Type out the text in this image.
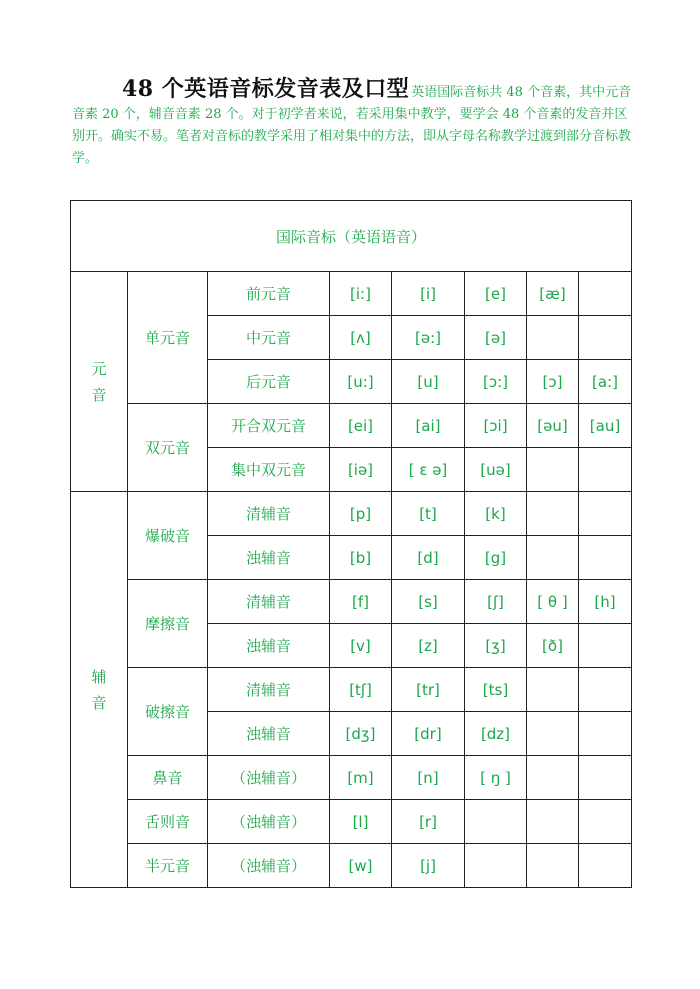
48 个英语音标发音表及口型 英语国际音标共 48 个音素，其中元音音素 20 个，辅音音素 28 个。对于初学者来说，若采用集中教学，要学会 48 个音素的发音并区别开。确实不易。笔者对音标的教学采用了相对集中的方法，即从字母名称教学过渡到部分音标教学。
国际音标（英语语音）							

元
音	单元音	前元音	[i:]	[i]	[e]	[æ]	
		中元音	[ʌ]	[ə:]	[ə]		
		后元音	[u:]	[u]	[ɔ:]	[ɔ]	[a:]
	双元音	开合双元音	[ei]	[ai]	[ɔi]	[əu]	[au]
		集中双元音	[iə]	[ ɛ ə]	[uə]		

辅
音	爆破音	清辅音	[p]	[t]	[k]		
		浊辅音	[b]	[d]	[g]		
	摩擦音	清辅音	[f]	[s]	[ʃ]	[ θ ]	[h]
		浊辅音	[v]	[z]	[ʒ]	[ð]	
	破擦音	清辅音	[tʃ]	[tr]	[ts]		
		浊辅音	[dʒ]	[dr]	[dz]		
	鼻音	（浊辅音）	[m]	[n]	[ ŋ ]		
	舌则音	（浊辅音）	[l]	[r]			
	半元音	（浊辅音）	[w]	[j]			
